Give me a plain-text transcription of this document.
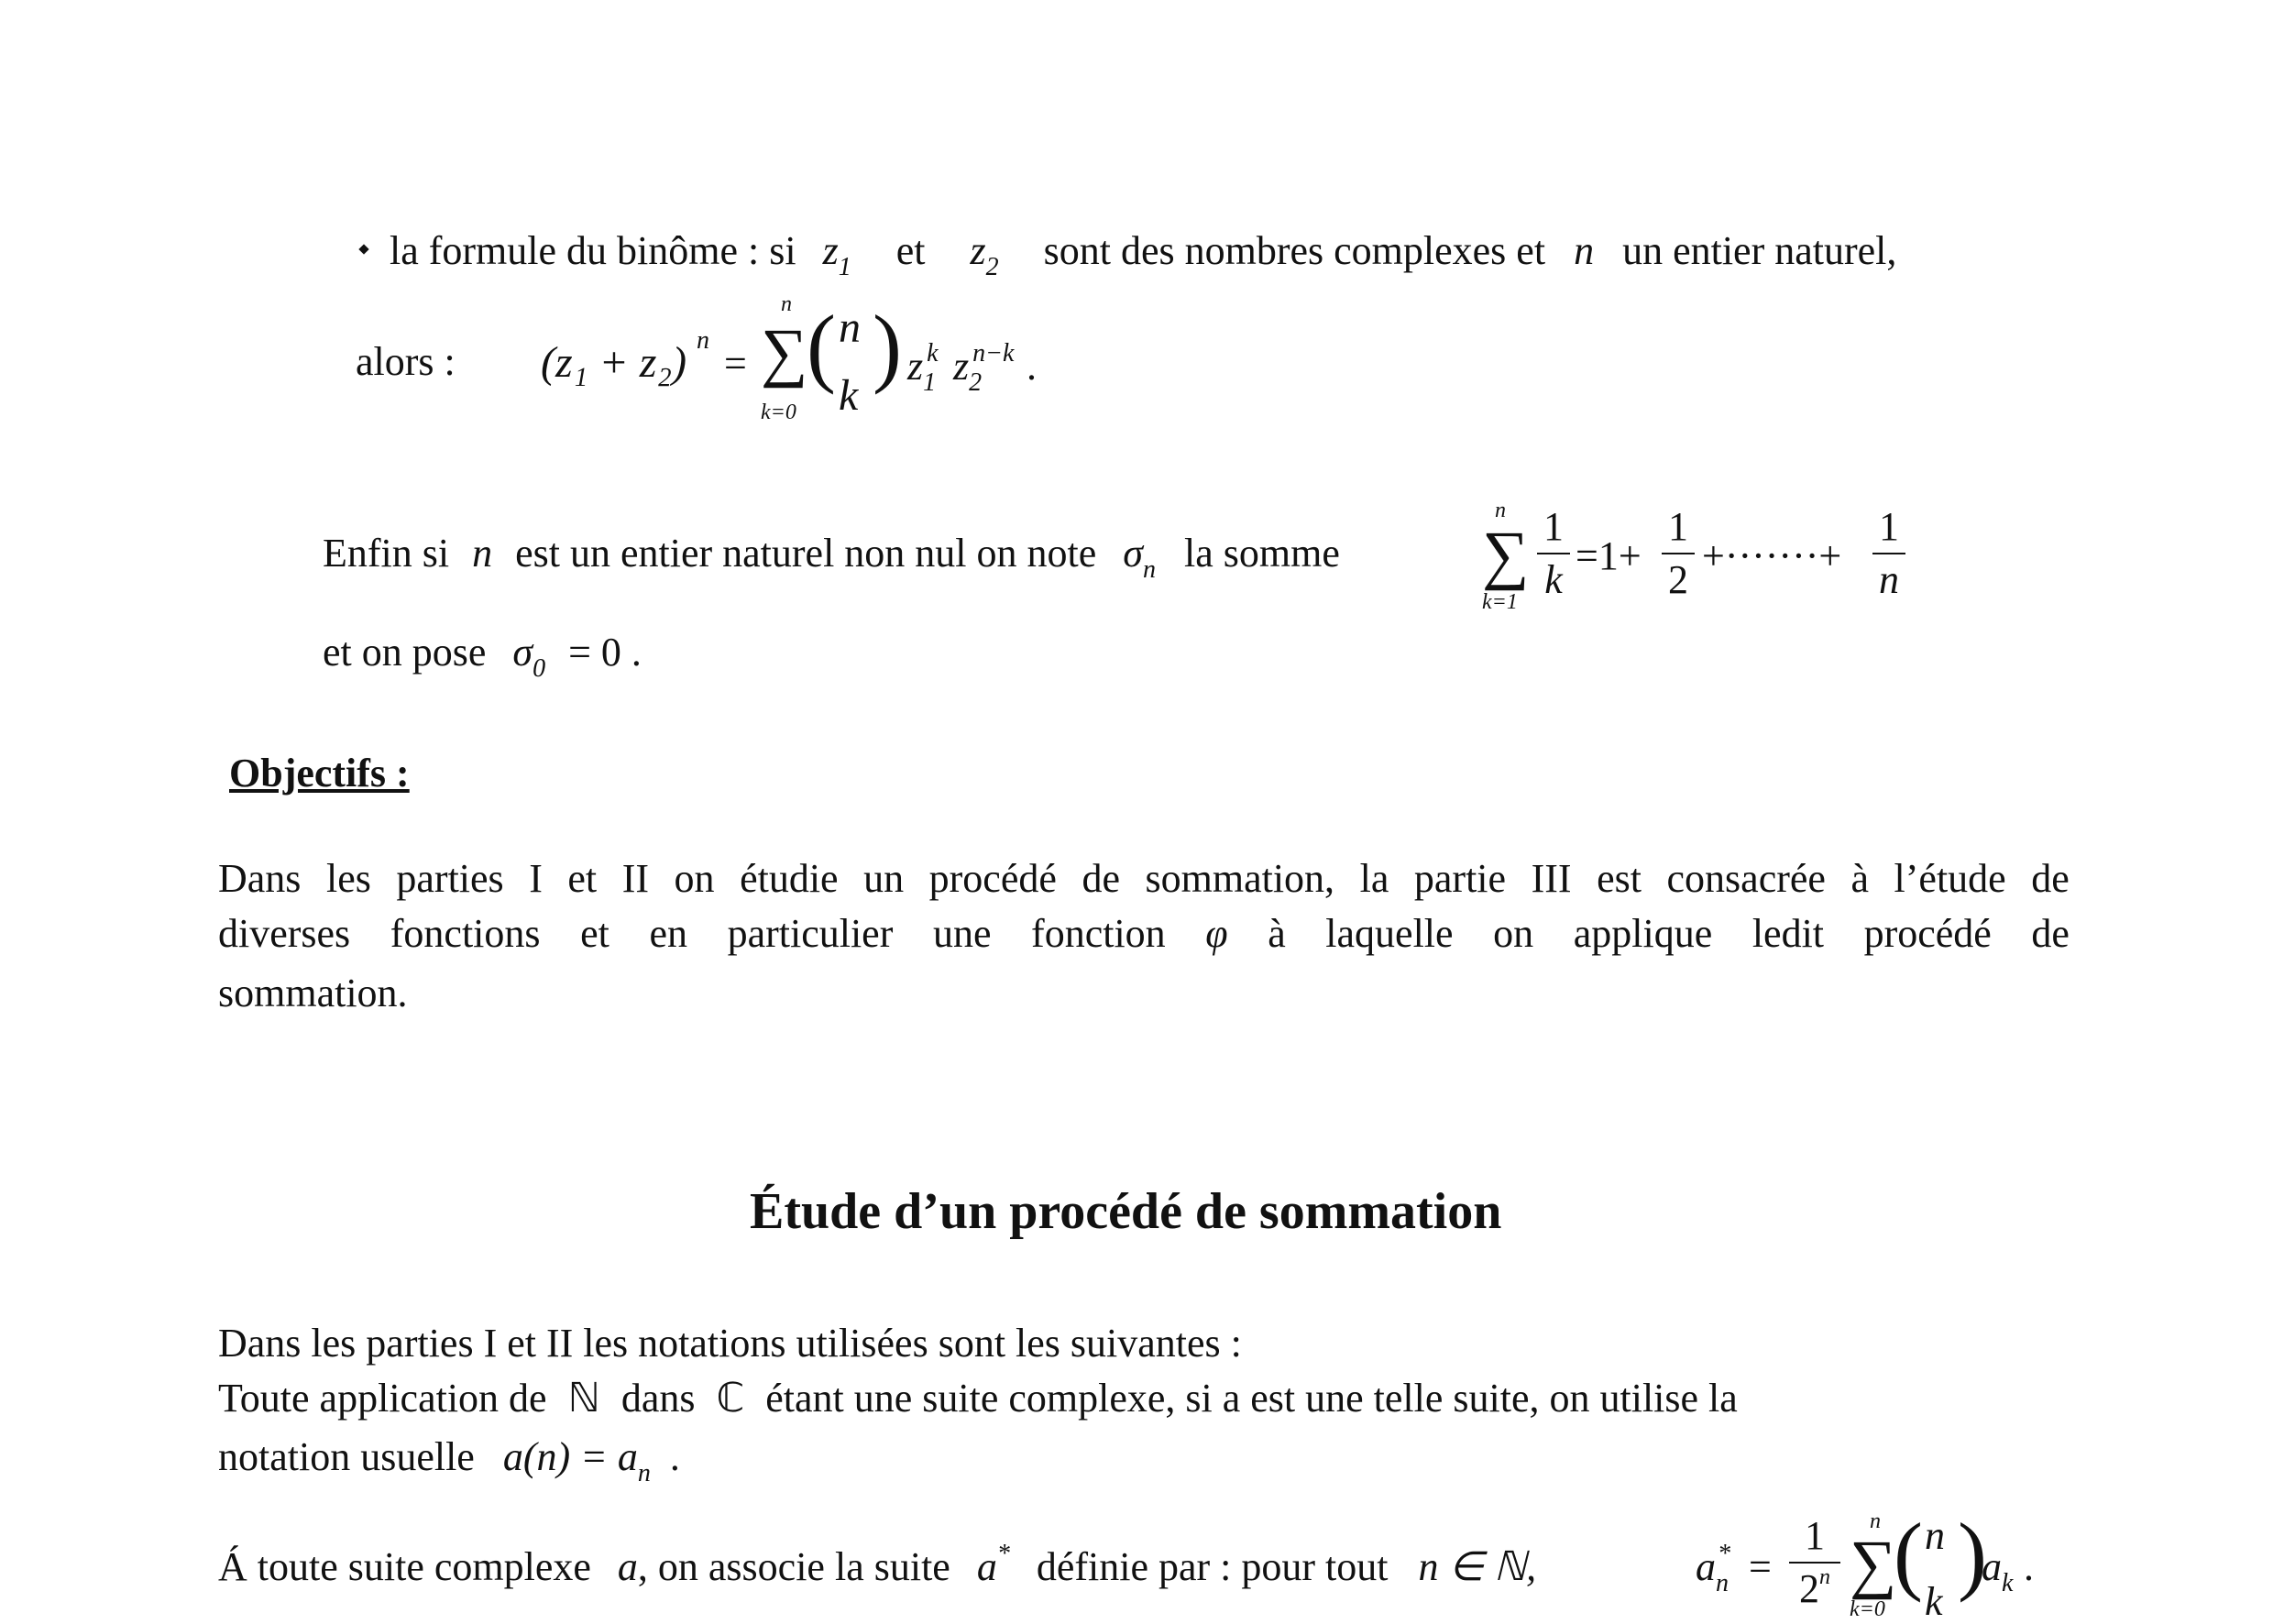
la formule du binôme : si $z_1$ et $z_2$ sont des nombres complexes et n un entier naturel,
alors : (z₁ + z₂) n
=
n
∑
k=0
( n
k
) $z_1^k$ $z_2^{n-k}$ .
Enfin si n est un entier naturel non nul on note $\sigma_n$ la somme
n
∑
k=1
1
k
=1+
1
2
+·······+
1
n
et on pose $\sigma_0 = 0$ .
Objectifs :
Dans les parties I et II on étudie un procédé de sommation, la partie III est consacrée à l’étude de
diverses fonctions et en particulier une fonction φ à laquelle on applique ledit procédé de
sommation.
Étude d’un procédé de sommation
Dans les parties I et II les notations utilisées sont les suivantes :
Toute application de ℕ dans ℂ étant une suite complexe, si a est une telle suite, on utilise la
notation usuelle $a(n) = a_n$ .
Á toute suite complexe a, on associe la suite a* définie par : pour tout n ∈ ℕ,	$a_n^*$ =
1
2$^n$
n
∑
k=0
( n
k )
$a_k$ .
